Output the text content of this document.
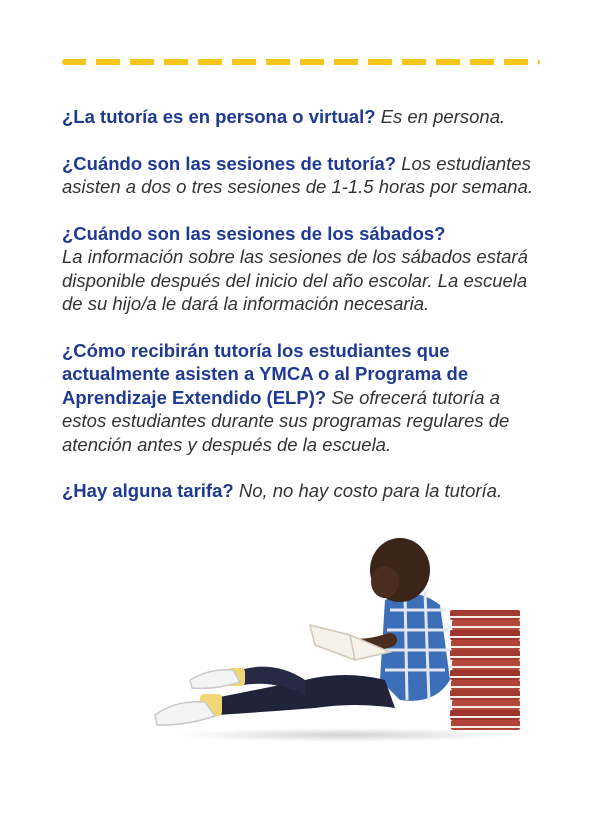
¿La tutoría es en persona o virtual? Es en persona.

¿Cuándo son las sesiones de tutoría? Los estudiantes asisten a dos o tres sesiones de 1-1.5 horas por semana.

¿Cuándo son las sesiones de los sábados?
La información sobre las sesiones de los sábados estará disponible después del inicio del año escolar. La escuela de su hijo/a le dará la información necesaria.

¿Cómo recibirán tutoría los estudiantes que actualmente asisten a YMCA o al Programa de Aprendizaje Extendido (ELP)? Se ofrecerá tutoría a estos estudiantes durante sus programas regulares de atención antes y después de la escuela.

¿Hay alguna tarifa? No, no hay costo para la tutoría.
